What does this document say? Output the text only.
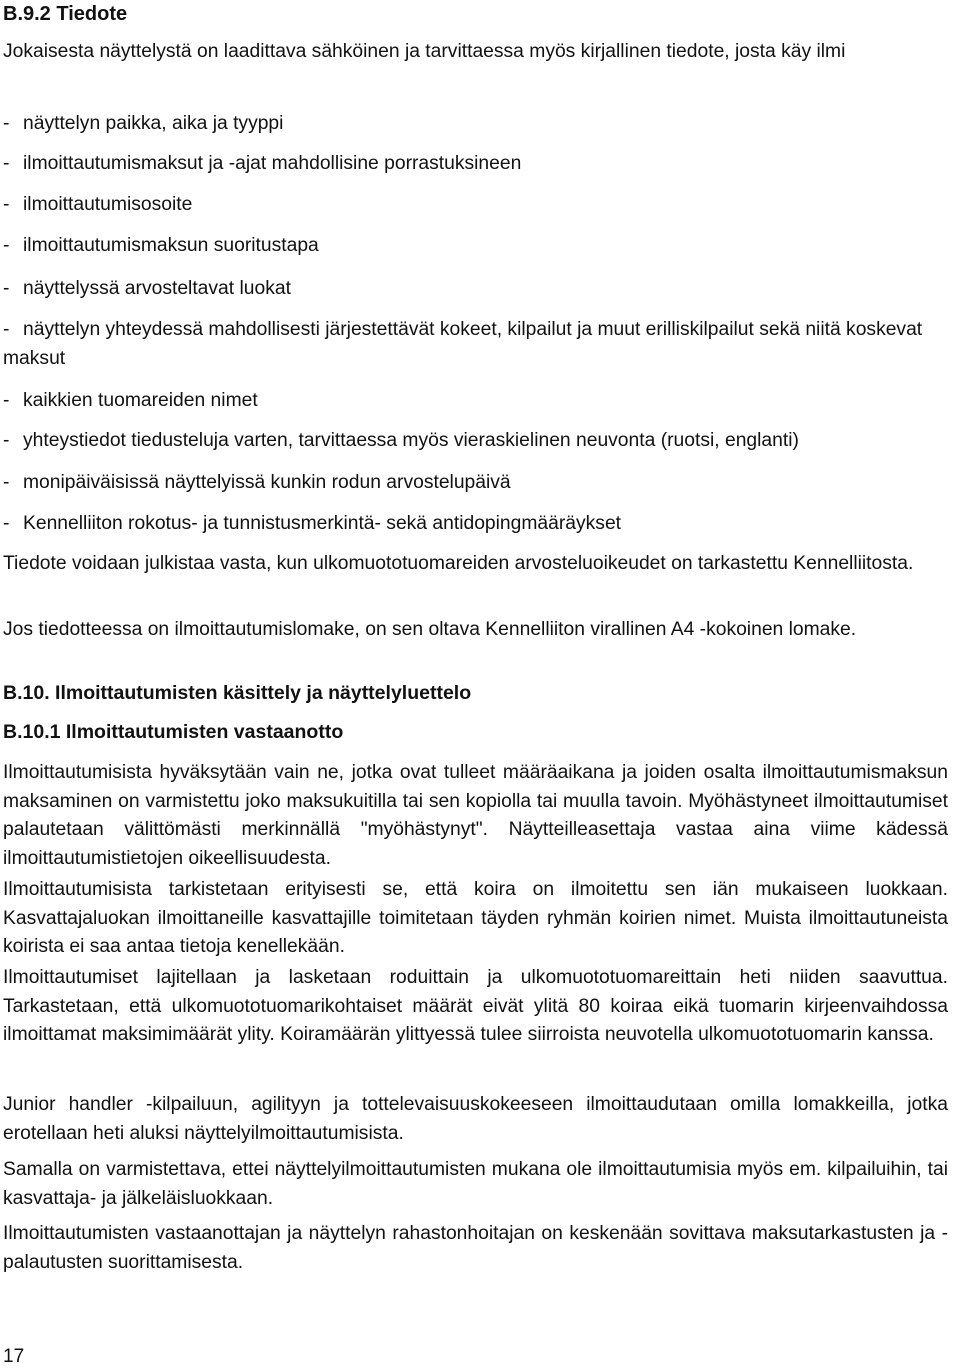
B.9.2 Tiedote

Jokaisesta näyttelystä on laadittava sähköinen ja tarvittaessa myös kirjallinen tiedote, josta käy ilmi

- näyttelyn paikka, aika ja tyyppi
- ilmoittautumismaksut ja -ajat mahdollisine porrastuksineen
- ilmoittautumisosoite
- ilmoittautumismaksun suoritustapa
- näyttelyssä arvosteltavat luokat
- näyttelyn yhteydessä mahdollisesti järjestettävät kokeet, kilpailut ja muut erilliskilpailut sekä niitä koskevat maksut
- kaikkien tuomareiden nimet
- yhteystiedot tiedusteluja varten, tarvittaessa myös vieraskielinen neuvonta (ruotsi, englanti)
- monipäiväisissä näyttelyissä kunkin rodun arvostelupäivä
- Kennelliiton rokotus- ja tunnistusmerkintä- sekä antidopingmääräykset

Tiedote voidaan julkistaa vasta, kun ulkomuototuomareiden arvosteluoikeudet on tarkastettu Kennelliitosta.

Jos tiedotteessa on ilmoittautumislomake, on sen oltava Kennelliiton virallinen A4 -kokoinen lomake.

B.10. Ilmoittautumisten käsittely ja näyttelyluettelo
B.10.1 Ilmoittautumisten vastaanotto

Ilmoittautumisista hyväksytään vain ne, jotka ovat tulleet määräaikana ja joiden osalta ilmoittautumismaksun maksaminen on varmistettu joko maksukuitilla tai sen kopiolla tai muulla tavoin. Myöhästyneet ilmoittautumiset palautetaan välittömästi merkinnällä "myöhästynyt". Näytteilleasettaja vastaa aina viime kädessä ilmoittautumistietojen oikeellisuudesta.

Ilmoittautumisista tarkistetaan erityisesti se, että koira on ilmoitettu sen iän mukaiseen luokkaan. Kasvattajaluokan ilmoittaneille kasvattajille toimitetaan täyden ryhmän koirien nimet. Muista ilmoittautuneista koirista ei saa antaa tietoja kenellekään.

Ilmoittautumiset lajitellaan ja lasketaan roduittain ja ulkomuototuomareittain heti niiden saavuttua. Tarkastetaan, että ulkomuototuomarikohtaiset määrät eivät ylitä 80 koiraa eikä tuomarin kirjeenvaihdossa ilmoittamat maksimimäärät ylity. Koiramäärän ylittyessä tulee siirroista neuvotella ulkomuototuomarin kanssa.

Junior handler -kilpailuun, agilityyn ja tottelevaisuuskokeeseen ilmoittaudutaan omilla lomakkeilla, jotka erotellaan heti aluksi näyttelyilmoittautumisista.

Samalla on varmistettava, ettei näyttelyilmoittautumisten mukana ole ilmoittautumisia myös em. kilpailuihin, tai kasvattaja- ja jälkeläisluokkaan.

Ilmoittautumisten vastaanottajan ja näyttelyn rahastonhoitajan on keskenään sovittava maksutarkastusten ja -palautusten suorittamisesta.

17
